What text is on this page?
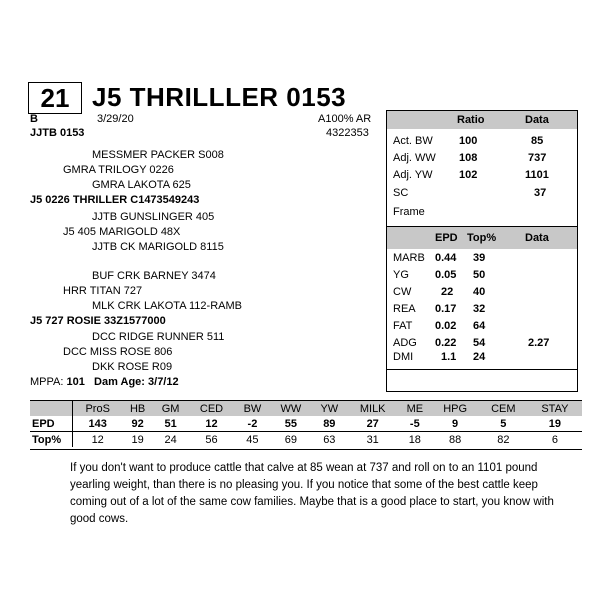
21 J5 THRILLLER 0153
B	3/29/20	A100% AR
JJTB 0153	4322353
MESSMER PACKER S008
GMRA TRILOGY 0226
GMRA LAKOTA 625
J5 0226 THRILLER C1473549243
JJTB GUNSLINGER 405
J5 405 MARIGOLD 48X
JJTB CK MARIGOLD 8115
BUF CRK BARNEY 3474
HRR TITAN 727
MLK CRK LAKOTA 112-RAMB
J5 727 ROSIE 33Z1577000
DCC RIDGE RUNNER 511
DCC MISS ROSE 806
DKK ROSE R09
MPPA: 101 Dam Age: 3/7/12
Ratio	Data
Act. BW 100	85
Adj. WW 108	737
Adj. YW 102	1101
SC	37
Frame
EPD Top%	Data
MARB 0.44 39
YG 0.05 50
CW	22 40
REA 0.17 32
FAT 0.02 64
ADG 0.22 54	2.27
DMI	1.1 24
	ProS	HB	GM	CED	BW	WW	YW	MILK	ME	HPG	CEM	STAY
EPD	143	92	51	12	-2	55	89	27	-5	9	5	19
Top%	12	19	24	56	45	69	63	31	18	88	82	6
If you don't want to produce cattle that calve at 85 wean at 737 and roll on to an 1101 pound yearling weight, than there is no pleasing you. If you notice that some of the best cattle keep coming out of a lot of the same cow families. Maybe that is a good place to start, you know with good cows.
